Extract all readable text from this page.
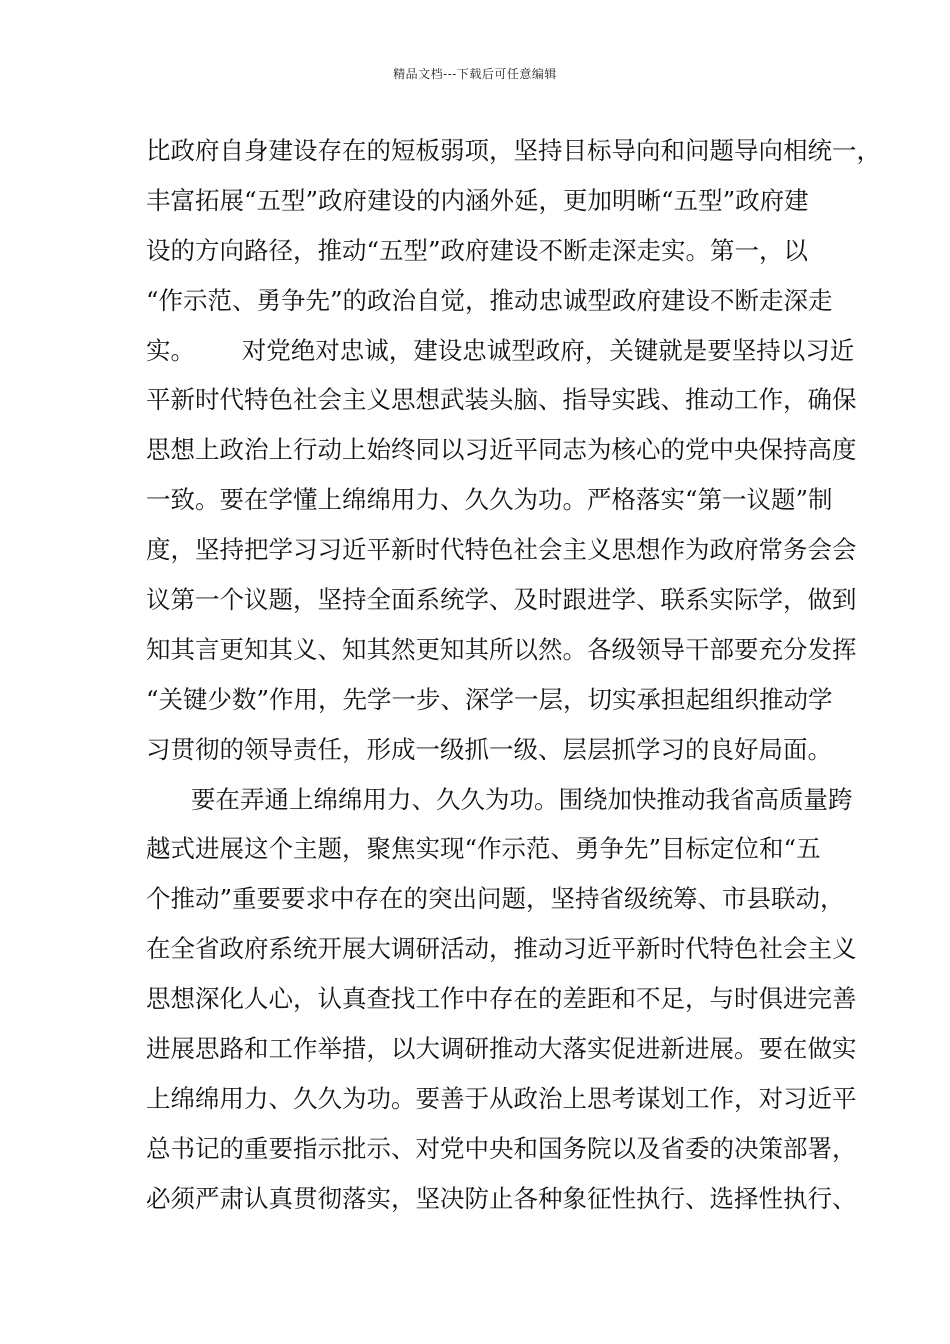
精品文档---下载后可任意编辑
比政府自身建设存在的短板弱项，坚持目标导向和问题导向相统一，
丰富拓展“五型”政府建设的内涵外延，更加明晰“五型”政府建
设的方向路径，推动“五型”政府建设不断走深走实。第一，以
“作示范、勇争先”的政治自觉，推动忠诚型政府建设不断走深走
实。      对党绝对忠诚，建设忠诚型政府，关键就是要坚持以习近
平新时代特色社会主义思想武装头脑、指导实践、推动工作，确保
思想上政治上行动上始终同以习近平同志为核心的党中央保持高度
一致。要在学懂上绵绵用力、久久为功。严格落实“第一议题”制
度，坚持把学习习近平新时代特色社会主义思想作为政府常务会会
议第一个议题，坚持全面系统学、及时跟进学、联系实际学，做到
知其言更知其义、知其然更知其所以然。各级领导干部要充分发挥
“关键少数”作用，先学一步、深学一层，切实承担起组织推动学
习贯彻的领导责任，形成一级抓一级、层层抓学习的良好局面。
要在弄通上绵绵用力、久久为功。围绕加快推动我省高质量跨
越式进展这个主题，聚焦实现“作示范、勇争先”目标定位和“五
个推动”重要要求中存在的突出问题，坚持省级统筹、市县联动，
在全省政府系统开展大调研活动，推动习近平新时代特色社会主义
思想深化人心，认真查找工作中存在的差距和不足，与时俱进完善
进展思路和工作举措，以大调研推动大落实促进新进展。要在做实
上绵绵用力、久久为功。要善于从政治上思考谋划工作，对习近平
总书记的重要指示批示、对党中央和国务院以及省委的决策部署，
必须严肃认真贯彻落实，坚决防止各种象征性执行、选择性执行、
